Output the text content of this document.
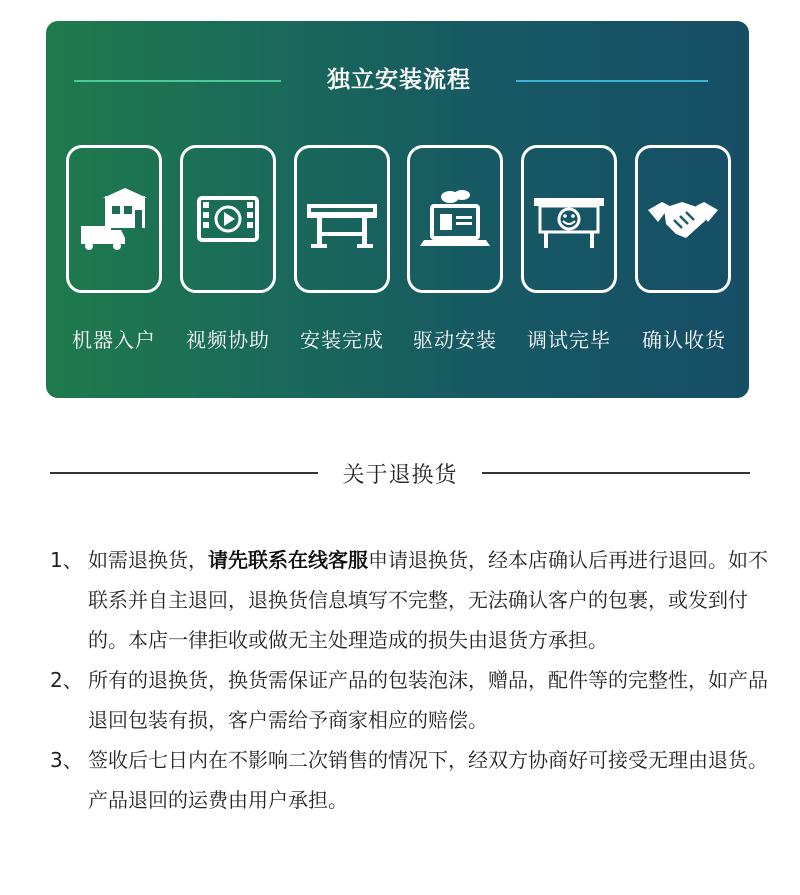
独立安装流程
机器入户	视频协助	安装完成	驱动安装	调试完毕	确认收货
关于退换货
1、 如需退换货，请先联系在线客服申请退换货，经本店确认后再进行退回。如不联系并自主退回，退换货信息填写不完整，无法确认客户的包裹，或发到付的。本店一律拒收或做无主处理造成的损失由退货方承担。
2、 所有的退换货，换货需保证产品的包装泡沫，赠品，配件等的完整性，如产品退回包装有损，客户需给予商家相应的赔偿。
3、 签收后七日内在不影响二次销售的情况下，经双方协商好可接受无理由退货。产品退回的运费由用户承担。
